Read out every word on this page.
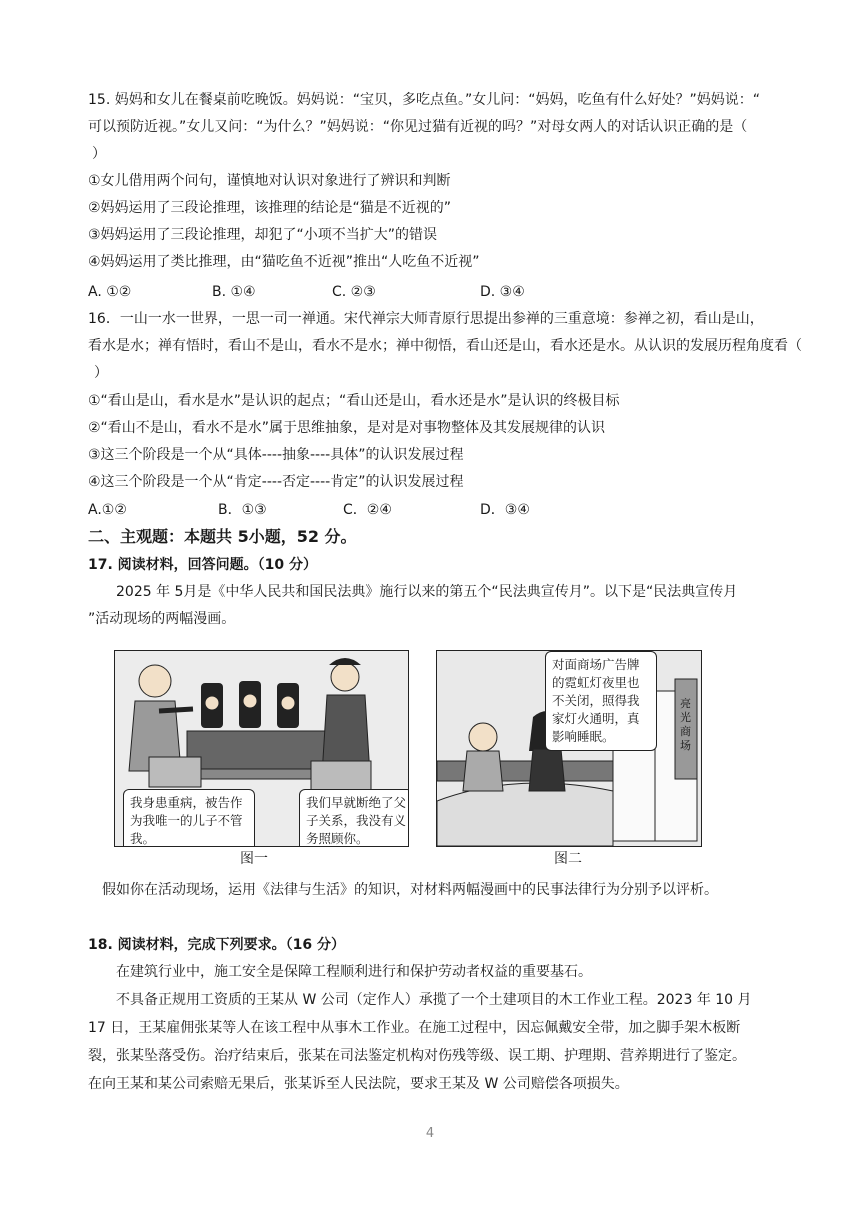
15. 妈妈和女儿在餐桌前吃晚饭。妈妈说：“宝贝，多吃点鱼。”女儿问：“妈妈，吃鱼有什么好处？”妈妈说：“
可以预防近视。”女儿又问：“为什么？”妈妈说：“你见过猫有近视的吗？”对母女两人的对话认识正确的是（
）
①女儿借用两个问句，谨慎地对认识对象进行了辨识和判断
②妈妈运用了三段论推理，该推理的结论是“猫是不近视的”
③妈妈运用了三段论推理，却犯了“小项不当扩大”的错误
④妈妈运用了类比推理，由“猫吃鱼不近视”推出“人吃鱼不近视”
A. ①②	B. ①④	C. ②③	D. ③④
16．一山一水一世界，一思一司一禅通。宋代禅宗大师青原行思提出参禅的三重意境：参禅之初，看山是山，
看水是水；禅有悟时，看山不是山，看水不是水；禅中彻悟，看山还是山，看水还是水。从认识的发展历程角度看（
）
①“看山是山，看水是水”是认识的起点；“看山还是山，看水还是水”是认识的终极目标
②“看山不是山，看水不是水”属于思维抽象，是对是对事物整体及其发展规律的认识
③这三个阶段是一个从“具体----抽象----具体”的认识发展过程
④这三个阶段是一个从“肯定----否定----肯定”的认识发展过程
A.①②	B．①③	C．②④	D．③④
二、主观题：本题共 5小题，52 分。
17. 阅读材料，回答问题。（10 分）
2025 年 5月是《中华人民共和国民法典》施行以来的第五个“民法典宣传月”。以下是“民法典宣传月
”活动现场的两幅漫画。
我身患重病，被告作为我唯一的儿子不管我。
我们早就断绝了父子关系，我没有义务照顾你。
图一
对面商场广告牌的霓虹灯夜里也不关闭，照得我家灯火通明，真影响睡眠。
亮光商场
图二
假如你在活动现场，运用《法律与生活》的知识，对材料两幅漫画中的民事法律行为分别予以评析。
18. 阅读材料，完成下列要求。（16 分）
在建筑行业中，施工安全是保障工程顺利进行和保护劳动者权益的重要基石。
不具备正规用工资质的王某从 W 公司（定作人）承揽了一个土建项目的木工作业工程。2023 年 10 月
17 日，王某雇佣张某等人在该工程中从事木工作业。在施工过程中，因忘佩戴安全带，加之脚手架木板断
裂，张某坠落受伤。治疗结束后，张某在司法鉴定机构对伤残等级、误工期、护理期、营养期进行了鉴定。
在向王某和某公司索赔无果后，张某诉至人民法院，要求王某及 W 公司赔偿各项损失。
4
